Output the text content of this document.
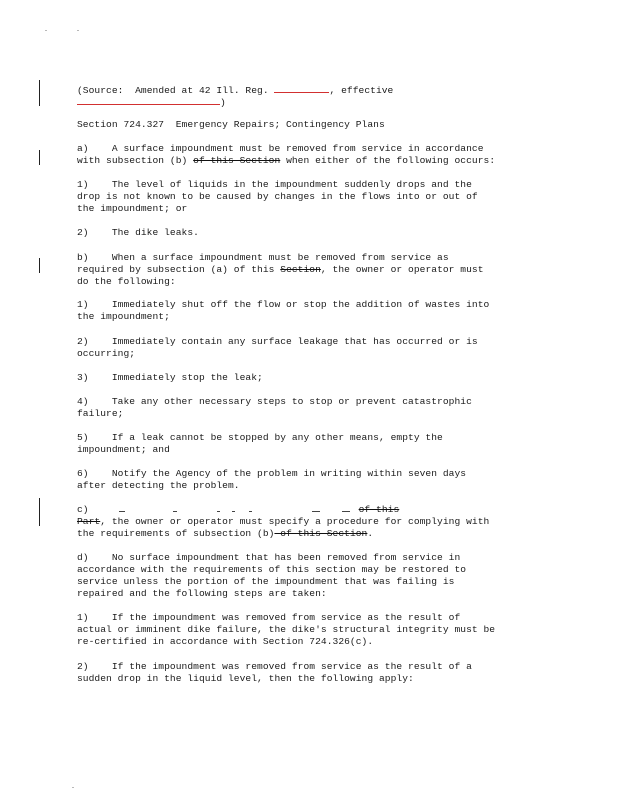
(Source: Amended at 42 Ill. Reg.	, effective
)
Section 724.327  Emergency Repairs; Contingency Plans
a)    A surface impoundment must be removed from service in accordance
with subsection (b) of this Section when either of the following occurs:
1)    The level of liquids in the impoundment suddenly drops and the
drop is not known to be caused by changes in the flows into or out of
the impoundment; or
2)    The dike leaks.
b)    When a surface impoundment must be removed from service as
required by subsection (a) of this Section, the owner or operator must
do the following:
1)    Immediately shut off the flow or stop the addition of wastes into
the impoundment;
2)    Immediately contain any surface leakage that has occurred or is
occurring;
3)    Immediately stop the leak;
4)    Take any other necessary steps to stop or prevent catastrophic
failure;
5)    If a leak cannot be stopped by any other means, empty the
impoundment; and
6)    Notify the Agency of the problem in writing within seven days
after detecting the problem.
c)	of this
Part, the owner or operator must specify a procedure for complying with
the requirements of subsection (b) of this Section.
d)    No surface impoundment that has been removed from service in
accordance with the requirements of this section may be restored to
service unless the portion of the impoundment that was failing is
repaired and the following steps are taken:
1)    If the impoundment was removed from service as the result of
actual or imminent dike failure, the dike's structural integrity must be
re-certified in accordance with Section 724.326(c).
2)    If the impoundment was removed from service as the result of a
sudden drop in the liquid level, then the following apply:
